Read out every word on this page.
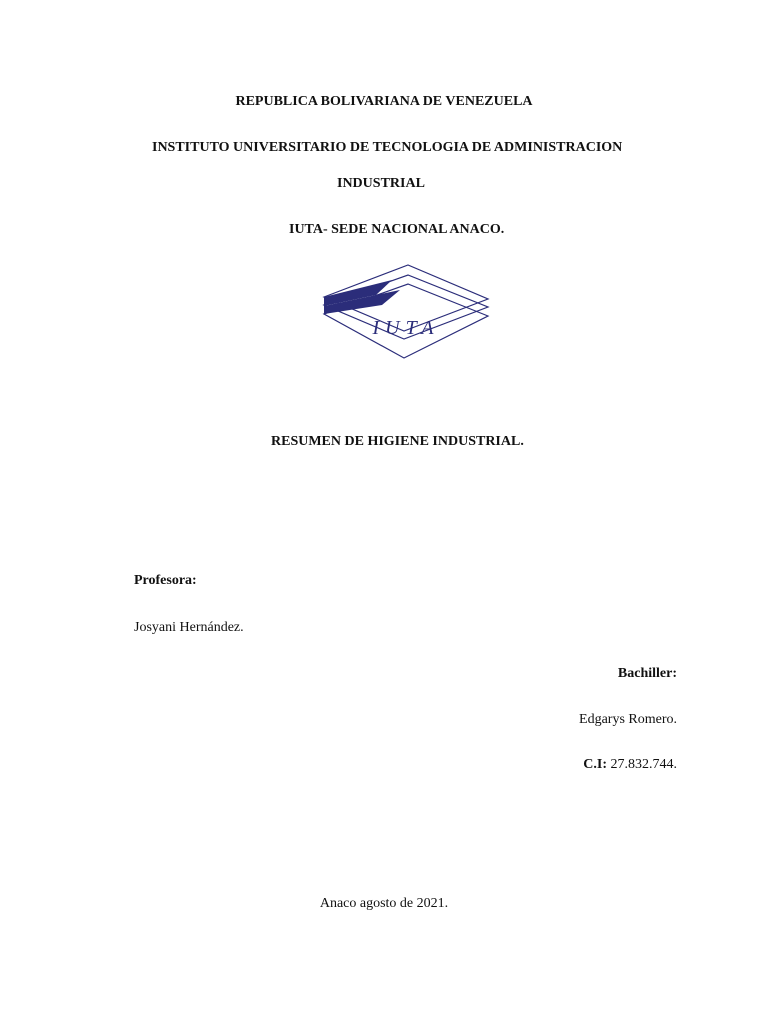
REPUBLICA BOLIVARIANA DE VENEZUELA
INSTITUTO UNIVERSITARIO DE TECNOLOGIA DE ADMINISTRACION
INDUSTRIAL
IUTA- SEDE NACIONAL ANACO.
IUTA
RESUMEN DE HIGIENE INDUSTRIAL.
Profesora:
Josyani Hernández.
Bachiller:
Edgarys Romero.
C.I: 27.832.744.
Anaco agosto de 2021.
